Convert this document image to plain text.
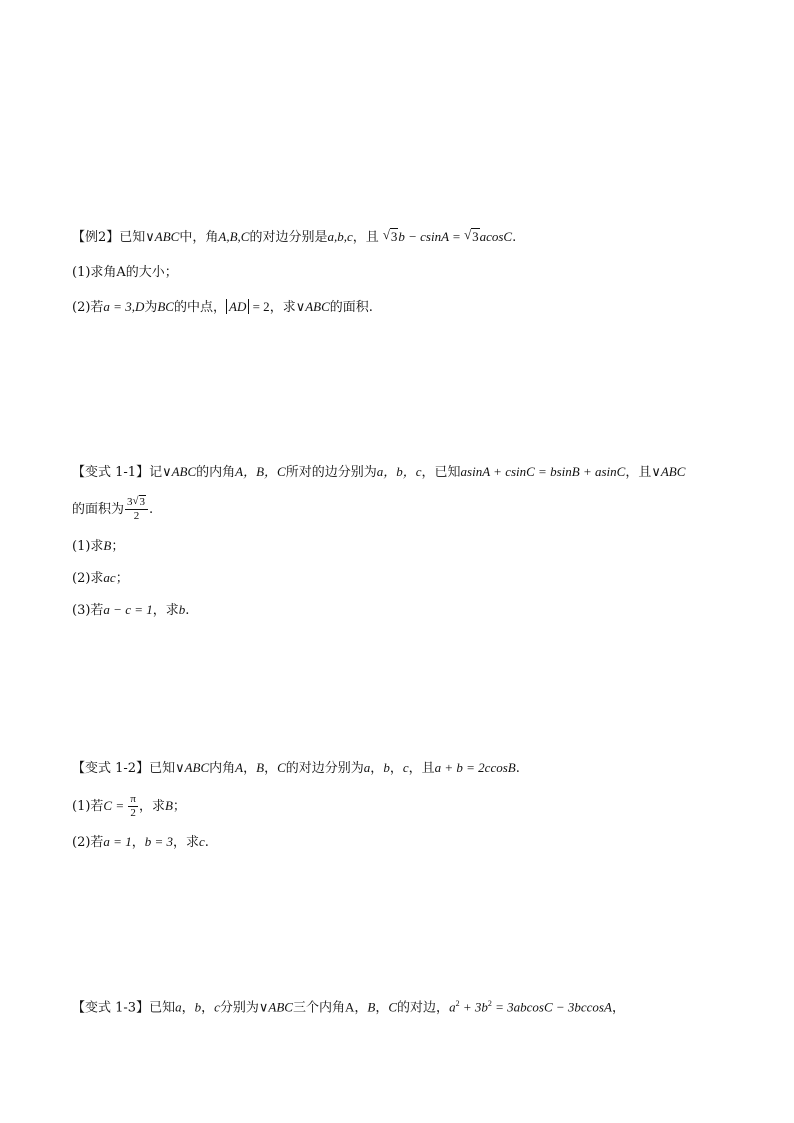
【例2】已知∨ABC中，角A,B,C的对边分别是a,b,c，且 √ 3b − csinA = √ 3acosC.
(1)求角A的大小；
(2)若a = 3,D为BC的中点， AD = 2，求∨ABC的面积.
【变式 1-1】记∨ABC的内角A，B，C所对的边分别为a，b，c，已知asinA + csinC = bsinB + asinC，且∨ABC
的面积为 $\frac{3 √ 3}{2}$ .
(1)求B；
(2)求ac；
(3)若a − c = 1，求b.
【变式 1-2】已知∨ABC内角A，B，C的对边分别为a，b，c，且a + b = 2ccosB.
(1)若$C = \frac{\pi}{2}$ ，求B；
(2)若a = 1，b = 3，求c.
【变式 1-3】已知a，b，c分别为∨ABC三个内角A，B，C的对边，$a^2 + 3b^2 = 3abcosC - 3bccosA$，
